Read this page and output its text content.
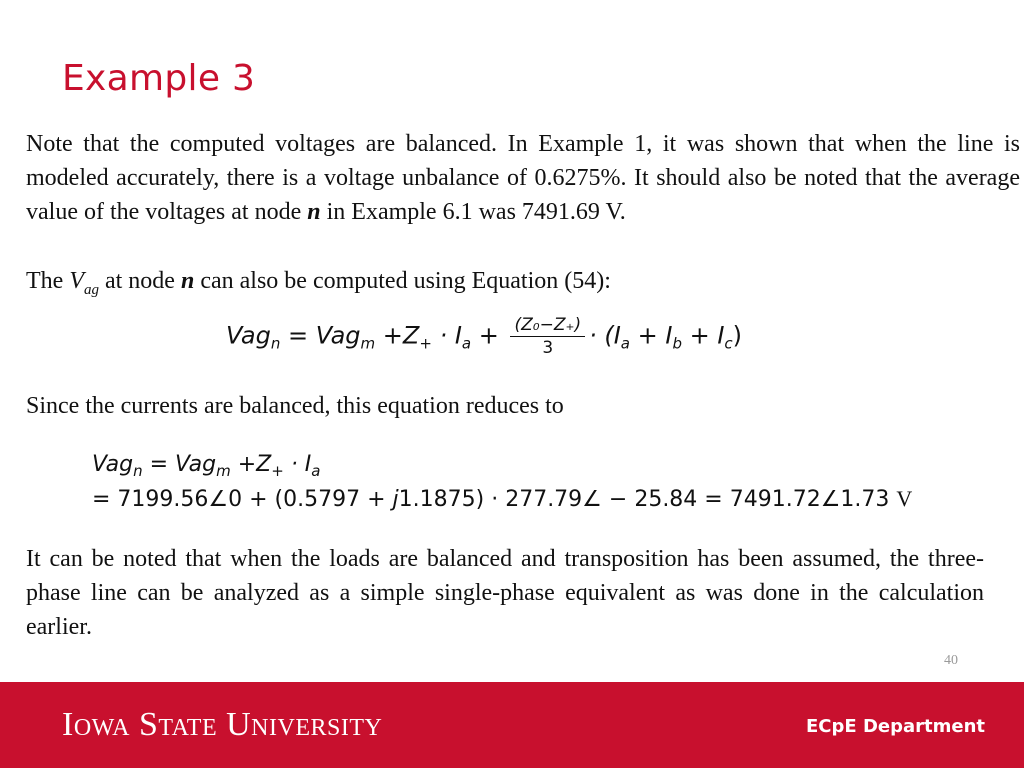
Example 3

Note that the computed voltages are balanced. In Example 1, it was shown that when the line is modeled accurately, there is a voltage unbalance of 0.6275%. It should also be noted that the average value of the voltages at node n in Example 6.1 was 7491.69 V.

The $V_{ag}$ at node n can also be computed using Equation (54):

$Vag_n = Vag_m +Z_+ \cdot I_a + \frac{\text{(Z₀−Z₊)}}{3} \cdot (I_a + I_b + I_c)$

Since the currents are balanced, this equation reduces to

$Vag_n = Vag_m +Z_+ \cdot I_a$
= 7199.56∠0 + (0.5797 + j1.1875) · 277.79∠ − 25.84 = 7491.72∠1.73 V

It can be noted that when the loads are balanced and transposition has been assumed, the three-phase line can be analyzed as a simple single-phase equivalent as was done in the calculation earlier.

40
Iowa State University	ECpE Department
